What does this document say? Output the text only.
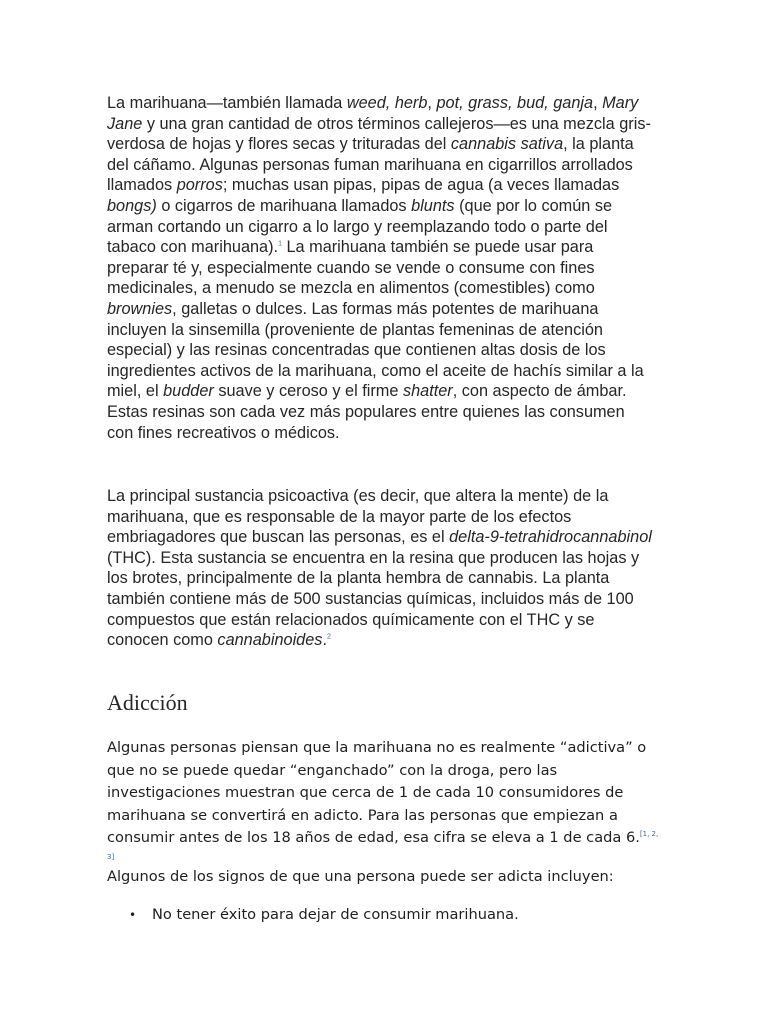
La marihuana—también llamada weed, herb, pot, grass, bud, ganja, Mary Jane y una gran cantidad de otros términos callejeros—es una mezcla gris-verdosa de hojas y flores secas y trituradas del cannabis sativa, la planta del cáñamo. Algunas personas fuman marihuana en cigarrillos arrollados llamados porros; muchas usan pipas, pipas de agua (a veces llamadas bongs) o cigarros de marihuana llamados blunts (que por lo común se arman cortando un cigarro a lo largo y reemplazando todo o parte del tabaco con marihuana).$^1$ La marihuana también se puede usar para preparar té y, especialmente cuando se vende o consume con fines medicinales, a menudo se mezcla en alimentos (comestibles) como brownies, galletas o dulces. Las formas más potentes de marihuana incluyen la sinsemilla (proveniente de plantas femeninas de atención especial) y las resinas concentradas que contienen altas dosis de los ingredientes activos de la marihuana, como el aceite de hachís similar a la miel, el budder suave y ceroso y el firme shatter, con aspecto de ámbar. Estas resinas son cada vez más populares entre quienes las consumen con fines recreativos o médicos.

La principal sustancia psicoactiva (es decir, que altera la mente) de la marihuana, que es responsable de la mayor parte de los efectos embriagadores que buscan las personas, es el delta-9-tetrahidrocannabinol (THC). Esta sustancia se encuentra en la resina que producen las hojas y los brotes, principalmente de la planta hembra de cannabis. La planta también contiene más de 500 sustancias químicas, incluidos más de 100 compuestos que están relacionados químicamente con el THC y se conocen como cannabinoides.$^2$

Adicción

Algunas personas piensan que la marihuana no es realmente “adictiva” o que no se puede quedar “enganchado” con la droga, pero las investigaciones muestran que cerca de 1 de cada 10 consumidores de marihuana se convertirá en adicto. Para las personas que empiezan a consumir antes de los 18 años de edad, esa cifra se eleva a 1 de cada 6.[1, 2, 3]

Algunos de los signos de que una persona puede ser adicta incluyen:

• No tener éxito para dejar de consumir marihuana.
